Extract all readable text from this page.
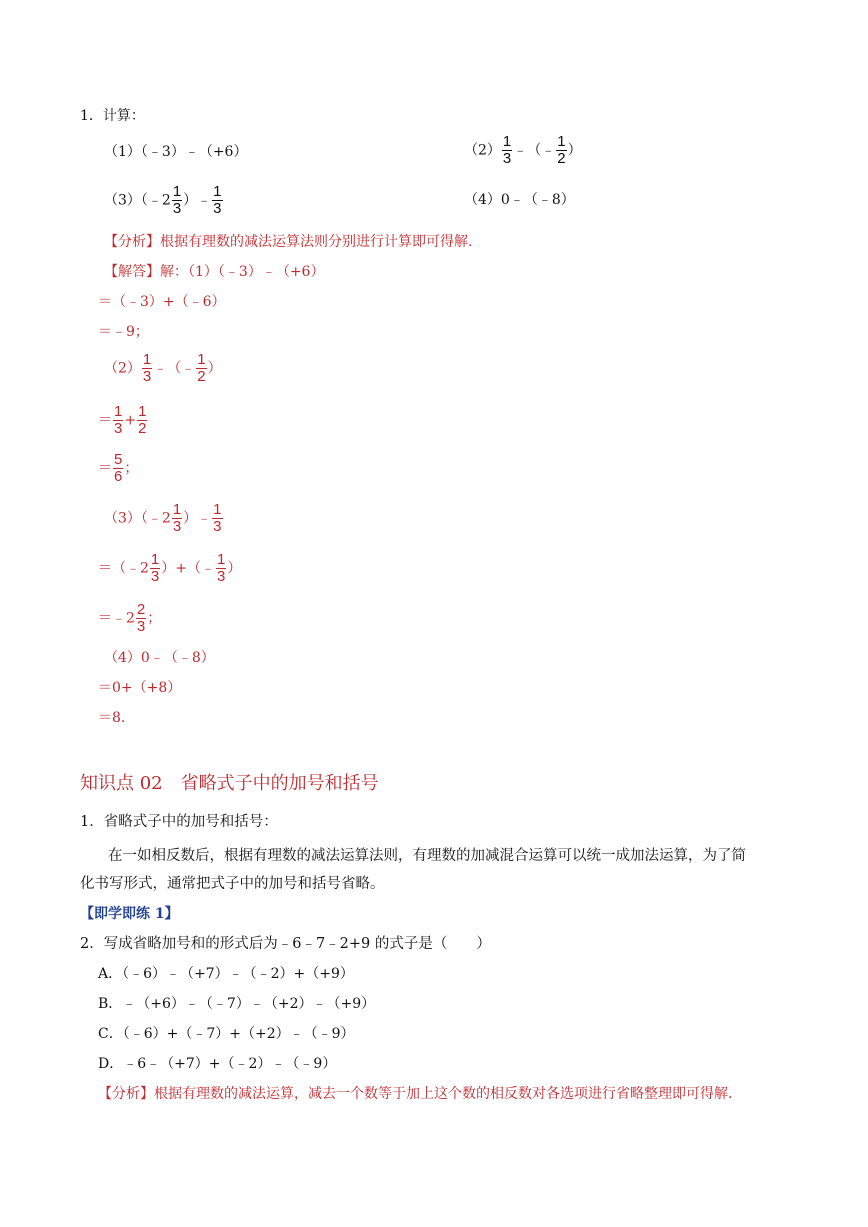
1．计算：
（1）（﹣3）﹣（+6）	$(2) \frac{1}{3}$ ﹣（﹣ $\frac{1}{2}$ ）
（3）（﹣2 $\frac{1}{3}$ ）﹣ $\frac{1}{3}$	（4）0﹣（﹣8）
【分析】根据有理数的减法运算法则分别进行计算即可得解.
【解答】解：（1）（﹣3）﹣（+6）
＝（﹣3）+（﹣6）
＝﹣9；
$(2) \frac{1}{3}$ ﹣（﹣ $\frac{1}{2}$ ）
＝ $\frac{1}{3} + \frac{1}{2}$
＝ $\frac{5}{6}$ ；
（3）（﹣2 $\frac{1}{3}$ ）﹣ $\frac{1}{3}$
＝（﹣2 $\frac{1}{3}$ ）+（﹣ $\frac{1}{3}$ ）
＝﹣2 $\frac{2}{3}$ ；
（4）0﹣（﹣8）
＝0+（+8）
＝8.
知识点 02　省略式子中的加号和括号
1．省略式子中的加号和括号：
在一如相反数后，根据有理数的减法运算法则，有理数的加减混合运算可以统一成加法运算，为了简
化书写形式，通常把式子中的加号和括号省略。
【即学即练 1】
2．写成省略加号和的形式后为﹣6﹣7﹣2+9 的式子是（　　）
A．（﹣6）﹣（+7）﹣（﹣2）+（+9）
B．﹣（+6）﹣（﹣7）﹣（+2）﹣（+9）
C．（﹣6）+（﹣7）+（+2）﹣（﹣9）
D．﹣6﹣（+7）+（﹣2）﹣（﹣9）
【分析】根据有理数的减法运算，减去一个数等于加上这个数的相反数对各选项进行省略整理即可得解.
